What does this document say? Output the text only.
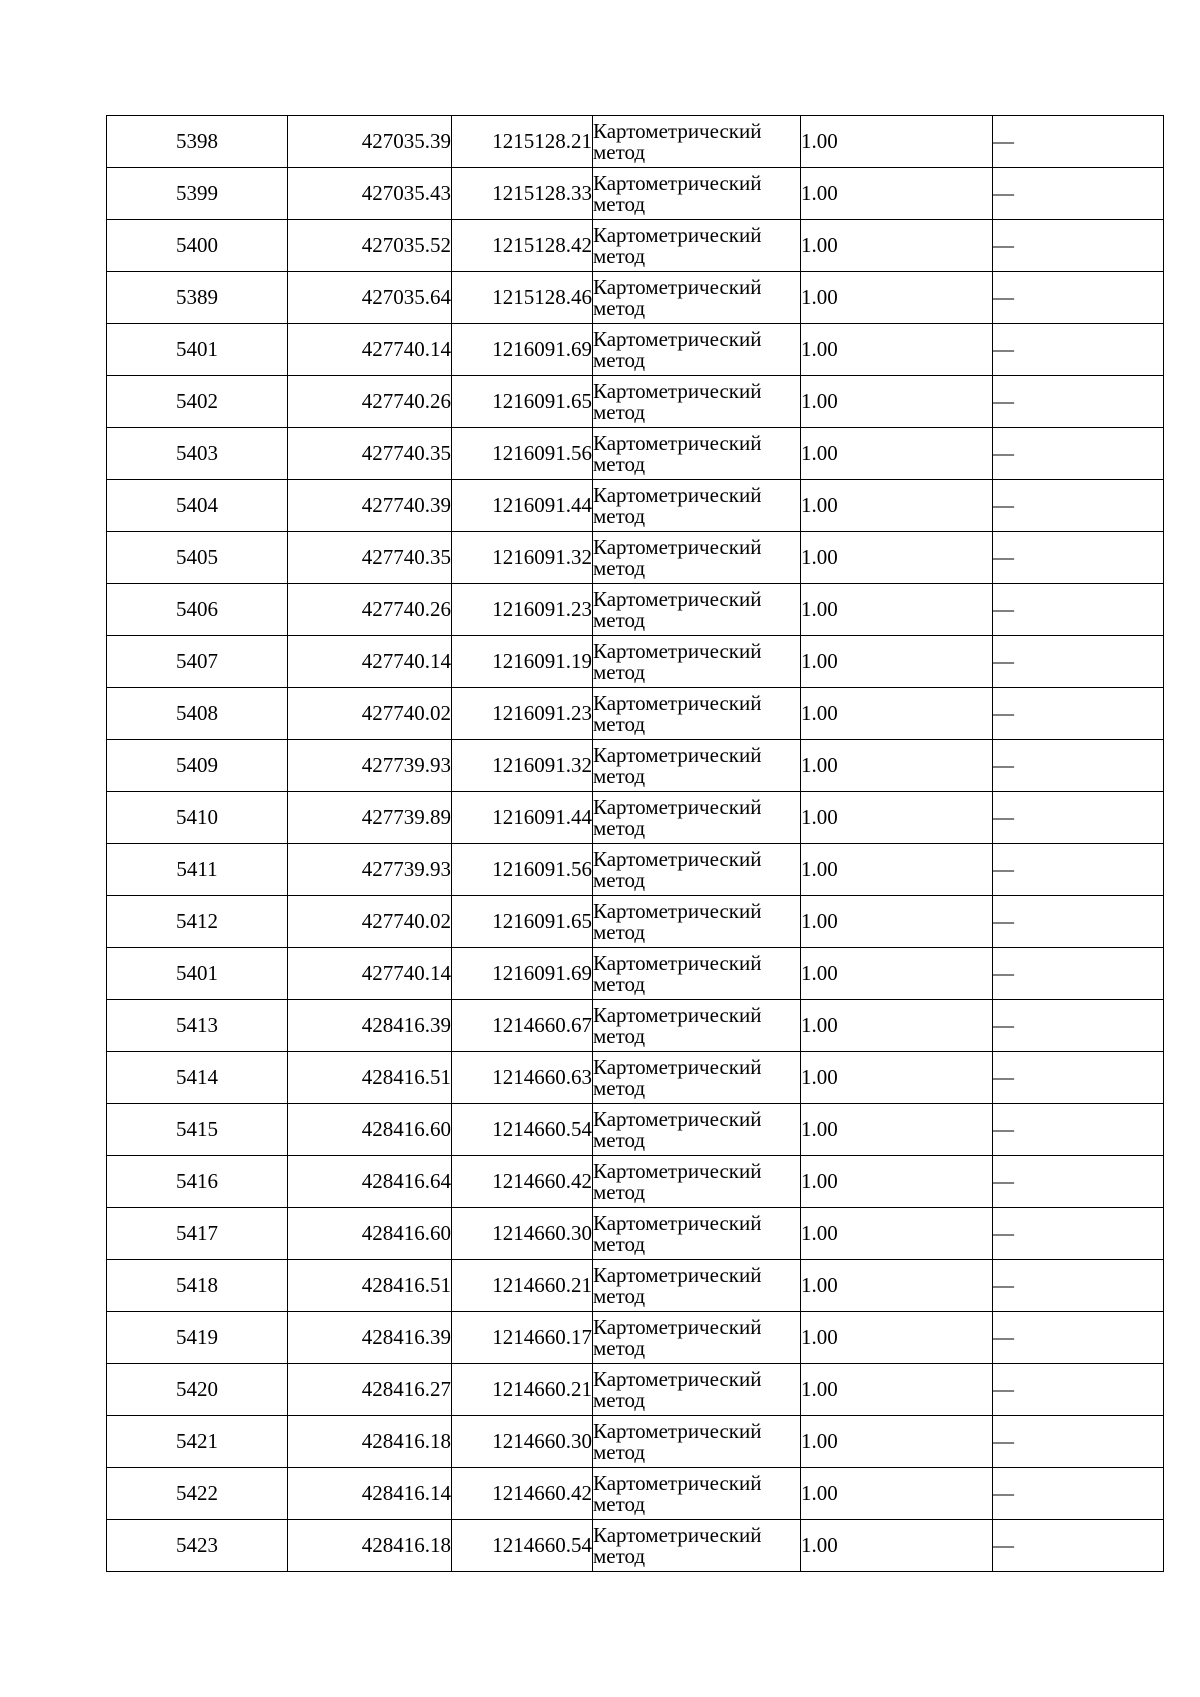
5398	427035.39	1215128.21	Картометрический метод	1.00	—
5399	427035.43	1215128.33	Картометрический метод	1.00	—
5400	427035.52	1215128.42	Картометрический метод	1.00	—
5389	427035.64	1215128.46	Картометрический метод	1.00	—
5401	427740.14	1216091.69	Картометрический метод	1.00	—
5402	427740.26	1216091.65	Картометрический метод	1.00	—
5403	427740.35	1216091.56	Картометрический метод	1.00	—
5404	427740.39	1216091.44	Картометрический метод	1.00	—
5405	427740.35	1216091.32	Картометрический метод	1.00	—
5406	427740.26	1216091.23	Картометрический метод	1.00	—
5407	427740.14	1216091.19	Картометрический метод	1.00	—
5408	427740.02	1216091.23	Картометрический метод	1.00	—
5409	427739.93	1216091.32	Картометрический метод	1.00	—
5410	427739.89	1216091.44	Картометрический метод	1.00	—
5411	427739.93	1216091.56	Картометрический метод	1.00	—
5412	427740.02	1216091.65	Картометрический метод	1.00	—
5401	427740.14	1216091.69	Картометрический метод	1.00	—
5413	428416.39	1214660.67	Картометрический метод	1.00	—
5414	428416.51	1214660.63	Картометрический метод	1.00	—
5415	428416.60	1214660.54	Картометрический метод	1.00	—
5416	428416.64	1214660.42	Картометрический метод	1.00	—
5417	428416.60	1214660.30	Картометрический метод	1.00	—
5418	428416.51	1214660.21	Картометрический метод	1.00	—
5419	428416.39	1214660.17	Картометрический метод	1.00	—
5420	428416.27	1214660.21	Картометрический метод	1.00	—
5421	428416.18	1214660.30	Картометрический метод	1.00	—
5422	428416.14	1214660.42	Картометрический метод	1.00	—
5423	428416.18	1214660.54	Картометрический метод	1.00	—
